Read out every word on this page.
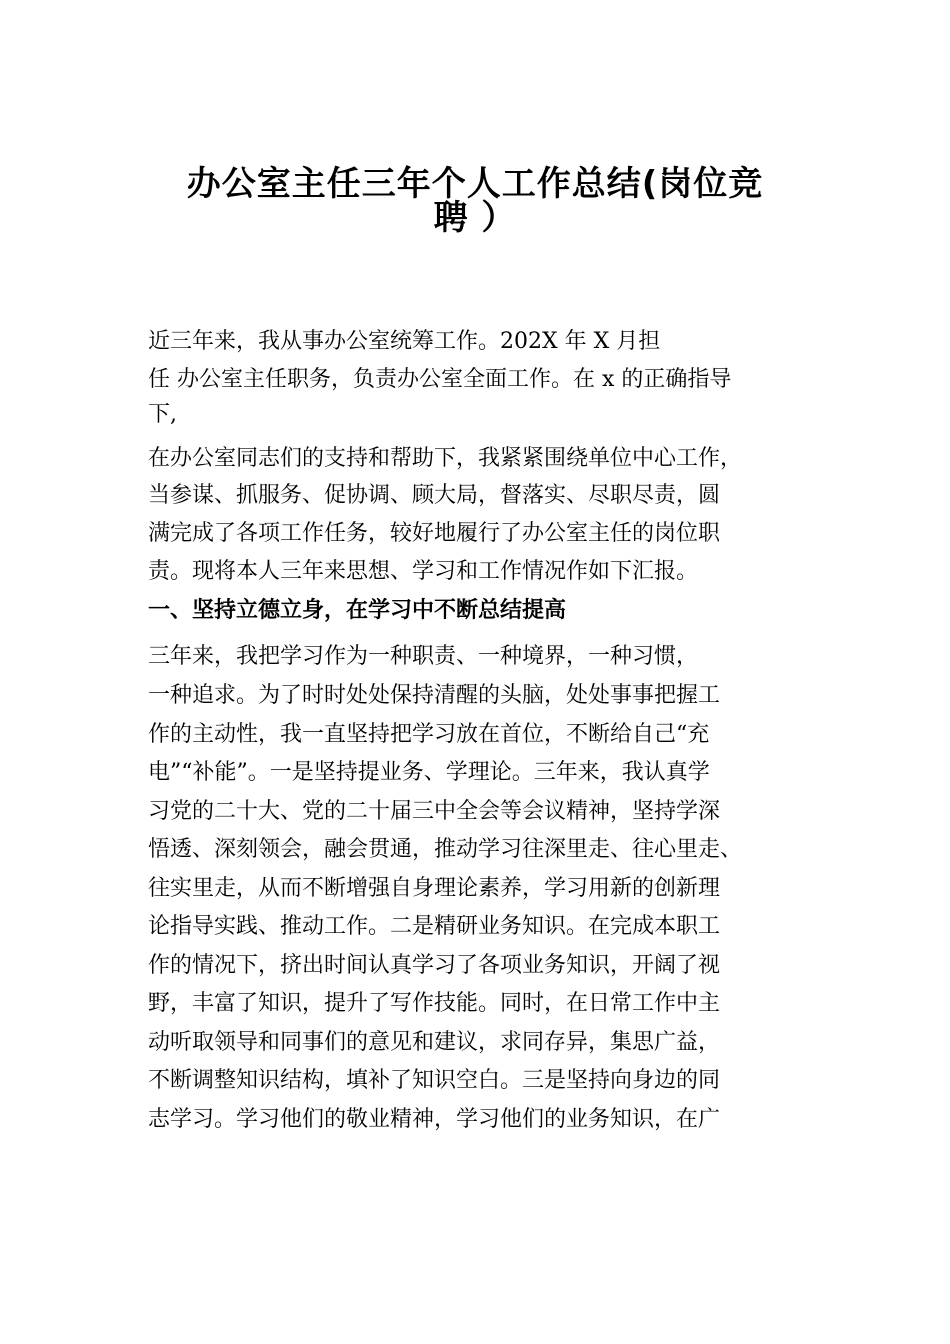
办公室主任三年个人工作总结(岗位竞
聘 ）

近三年来，我从事办公室统筹工作。202X 年 X 月担

任 办公室主任职务，负责办公室全面工作。在 x 的正确指导

下,

在办公室同志们的支持和帮助下，我紧紧围绕单位中心工作，

当参谋、抓服务、促协调、顾大局，督落实、尽职尽责，圆

满完成了各项工作任务，较好地履行了办公室主任的岗位职

责。现将本人三年来思想、学习和工作情况作如下汇报。

一、坚持立德立身，在学习中不断总结提高

三年来，我把学习作为一种职责、一种境界，一种习惯，

一种追求。为了时时处处保持清醒的头脑，处处事事把握工

作的主动性，我一直坚持把学习放在首位，不断给自己“充

电”“补能”。一是坚持提业务、学理论。三年来，我认真学

习党的二十大、党的二十届三中全会等会议精神，坚持学深

悟透、深刻领会，融会贯通，推动学习往深里走、往心里走、

往实里走，从而不断增强自身理论素养，学习用新的创新理

论指导实践、推动工作。二是精研业务知识。在完成本职工

作的情况下，挤出时间认真学习了各项业务知识，开阔了视

野，丰富了知识，提升了写作技能。同时，在日常工作中主

动听取领导和同事们的意见和建议，求同存异，集思广益，

不断调整知识结构，填补了知识空白。三是坚持向身边的同

志学习。学习他们的敬业精神，学习他们的业务知识，在广
